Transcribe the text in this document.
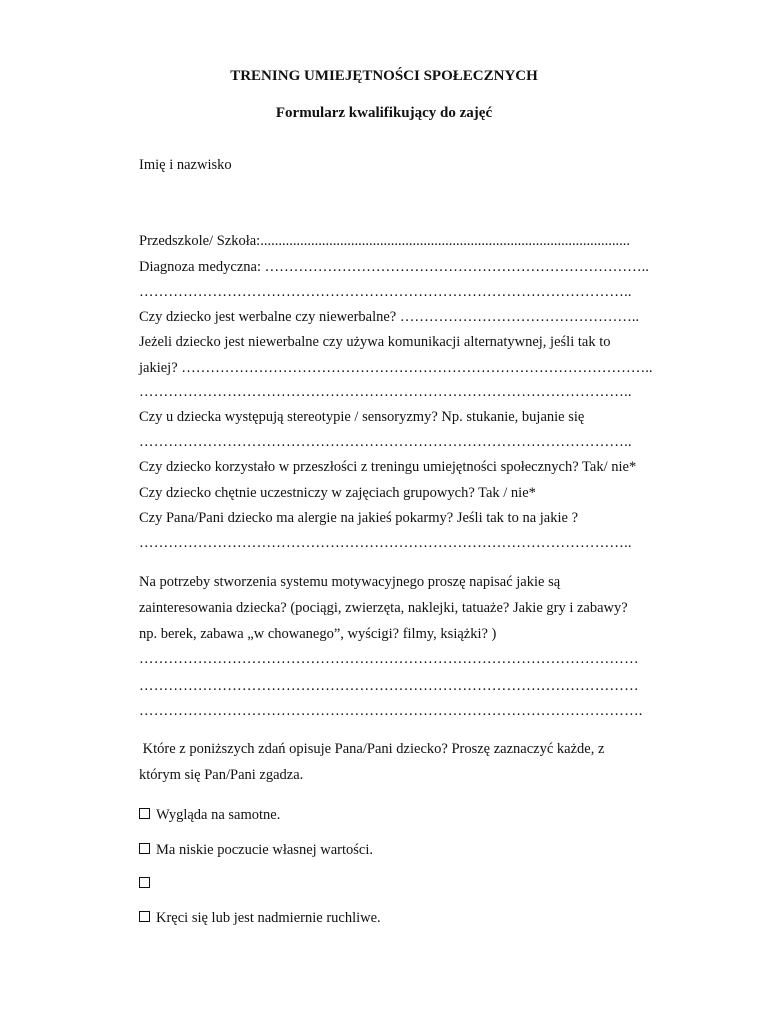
TRENING UMIEJĘTNOŚCI SPOŁECZNYCH
Formularz kwalifikujący do zajęć
Imię i nazwisko
Przedszkole/ Szkoła:......................................................................................................
Diagnoza medyczna: ……………………………………………………………………..
………………………………………………………………………………………..
Czy dziecko jest werbalne czy niewerbalne? …………………………………………..
Jeżeli dziecko jest niewerbalne czy używa komunikacji alternatywnej, jeśli tak to
jakiej? ……………………………………………………………………………………..
………………………………………………………………………………………..
Czy u dziecka występują stereotypie / sensoryzmy? Np. stukanie, bujanie się
………………………………………………………………………………………..
Czy dziecko korzystało w przeszłości z treningu umiejętności społecznych? Tak/ nie*
Czy dziecko chętnie uczestniczy w zajęciach grupowych? Tak / nie*
Czy Pana/Pani dziecko ma alergie na jakieś pokarmy? Jeśli tak to na jakie ?
………………………………………………………………………………………..
Na potrzeby stworzenia systemu motywacyjnego proszę napisać jakie są
zainteresowania dziecka? (pociągi, zwierzęta, naklejki, tatuaże? Jakie gry i zabawy?
np. berek, zabawa „w chowanego”, wyścigi? filmy, książki? )
…………………………………………………………………………………………
…………………………………………………………………………………………
………………………………………………………………………………………….
Które z poniższych zdań opisuje Pana/Pani dziecko? Proszę zaznaczyć każde, z
którym się Pan/Pani zgadza.
Wygląda na samotne.
Ma niskie poczucie własnej wartości.
Kręci się lub jest nadmiernie ruchliwe.
